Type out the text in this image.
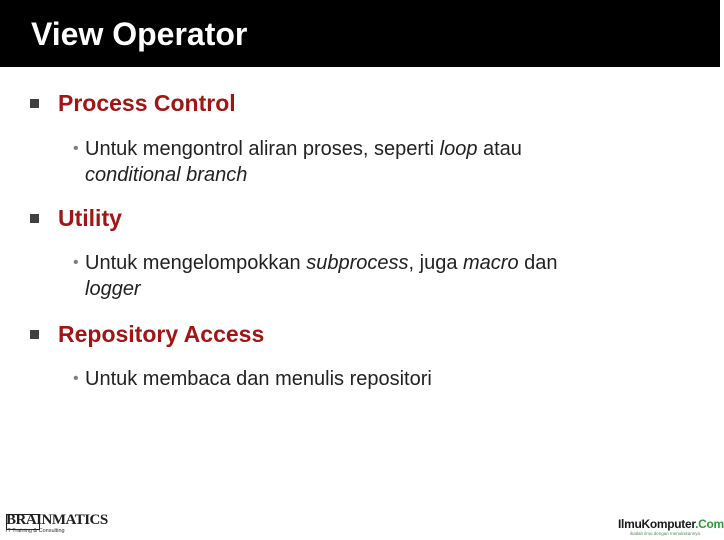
View Operator
Process Control
• Untuk mengontrol aliran proses, seperti loop atau
conditional branch
Utility
• Untuk mengelompokkan subprocess, juga macro dan
logger
Repository Access
• Untuk membaca dan menulis repositori
BRAINMATICS
IT Training & Consulting	IlmuKomputer.Com
ikatlah ilmu dengan menuliskannya
